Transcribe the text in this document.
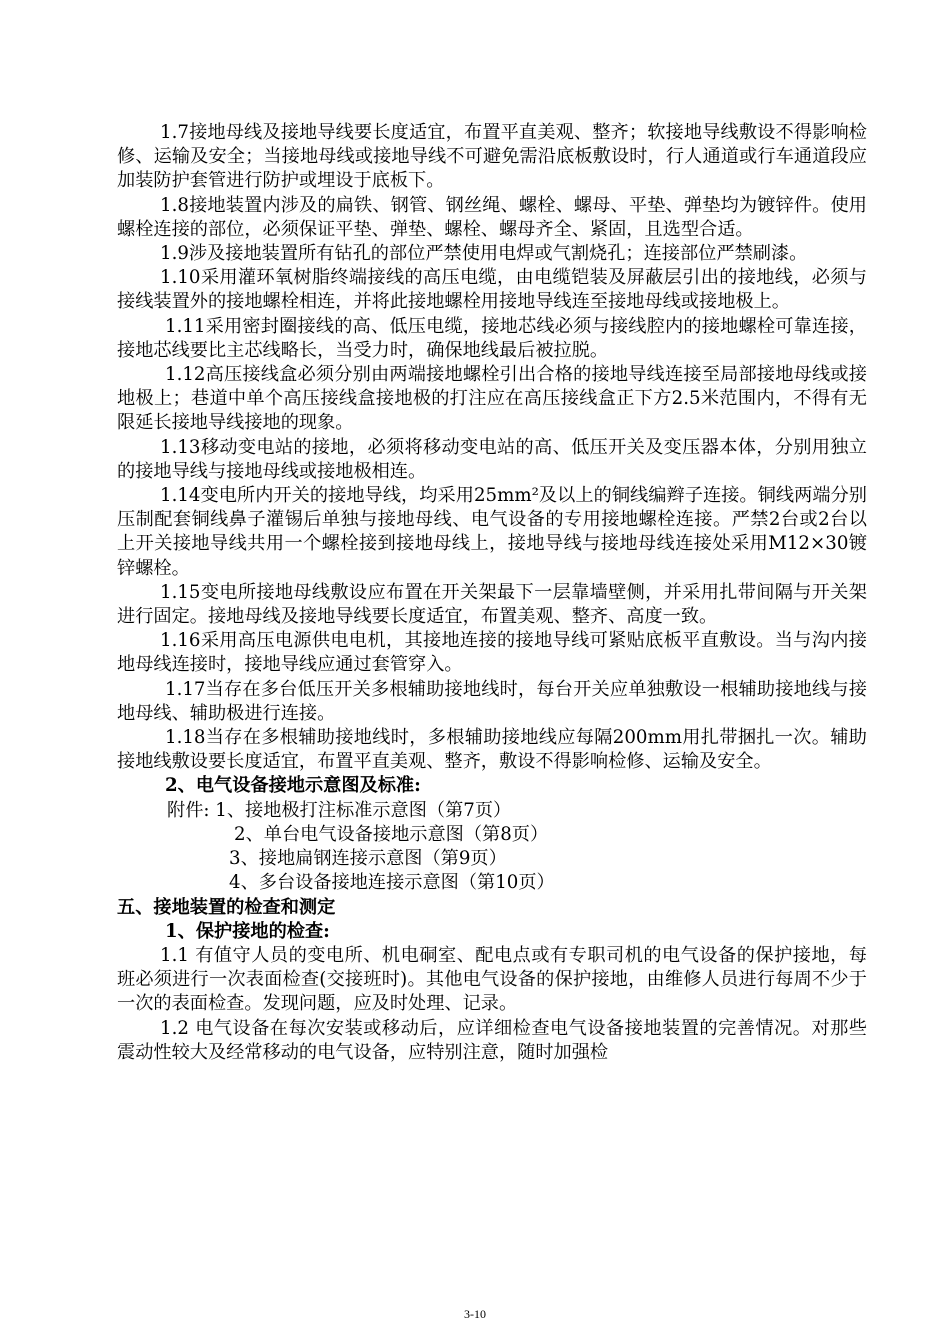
1.7接地母线及接地导线要长度适宜，布置平直美观、整齐；软接地导线敷设不得影响检修、运输及安全；当接地母线或接地导线不可避免需沿底板敷设时，行人通道或行车通道段应加装防护套管进行防护或埋设于底板下。

1.8接地装置内涉及的扁铁、钢管、钢丝绳、螺栓、螺母、平垫、弹垫均为镀锌件。使用螺栓连接的部位，必须保证平垫、弹垫、螺栓、螺母齐全、紧固，且选型合适。

1.9涉及接地装置所有钻孔的部位严禁使用电焊或气割烧孔；连接部位严禁刷漆。

1.10采用灌环氧树脂终端接线的高压电缆，由电缆铠装及屏蔽层引出的接地线，必须与接线装置外的接地螺栓相连，并将此接地螺栓用接地导线连至接地母线或接地极上。

1.11采用密封圈接线的高、低压电缆，接地芯线必须与接线腔内的接地螺栓可靠连接，接地芯线要比主芯线略长，当受力时，确保地线最后被拉脱。

1.12高压接线盒必须分别由两端接地螺栓引出合格的接地导线连接至局部接地母线或接地极上；巷道中单个高压接线盒接地极的打注应在高压接线盒正下方2.5米范围内，不得有无限延长接地导线接地的现象。

1.13移动变电站的接地，必须将移动变电站的高、低压开关及变压器本体，分别用独立的接地导线与接地母线或接地极相连。

1.14变电所内开关的接地导线，均采用25mm²及以上的铜线编辫子连接。铜线两端分别压制配套铜线鼻子灌锡后单独与接地母线、电气设备的专用接地螺栓连接。严禁2台或2台以上开关接地导线共用一个螺栓接到接地母线上，接地导线与接地母线连接处采用M12×30镀锌螺栓。

1.15变电所接地母线敷设应布置在开关架最下一层靠墙壁侧，并采用扎带间隔与开关架进行固定。接地母线及接地导线要长度适宜，布置美观、整齐、高度一致。

1.16采用高压电源供电电机，其接地连接的接地导线可紧贴底板平直敷设。当与沟内接地母线连接时，接地导线应通过套管穿入。

1.17当存在多台低压开关多根辅助接地线时，每台开关应单独敷设一根辅助接地线与接地母线、辅助极进行连接。

1.18当存在多根辅助接地线时，多根辅助接地线应每隔200mm用扎带捆扎一次。辅助接地线敷设要长度适宜，布置平直美观、整齐，敷设不得影响检修、运输及安全。

2、电气设备接地示意图及标准:

附件: 1、接地极打注标准示意图（第7页）

2、单台电气设备接地示意图（第8页）

3、接地扁钢连接示意图（第9页）

4、多台设备接地连接示意图（第10页）

五、接地装置的检查和测定

1、保护接地的检查:

1.1 有值守人员的变电所、机电硐室、配电点或有专职司机的电气设备的保护接地，每班必须进行一次表面检查(交接班时)。其他电气设备的保护接地，由维修人员进行每周不少于一次的表面检查。发现问题，应及时处理、记录。

1.2 电气设备在每次安装或移动后，应详细检查电气设备接地装置的完善情况。对那些震动性较大及经常移动的电气设备，应特别注意，随时加强检

3-10
